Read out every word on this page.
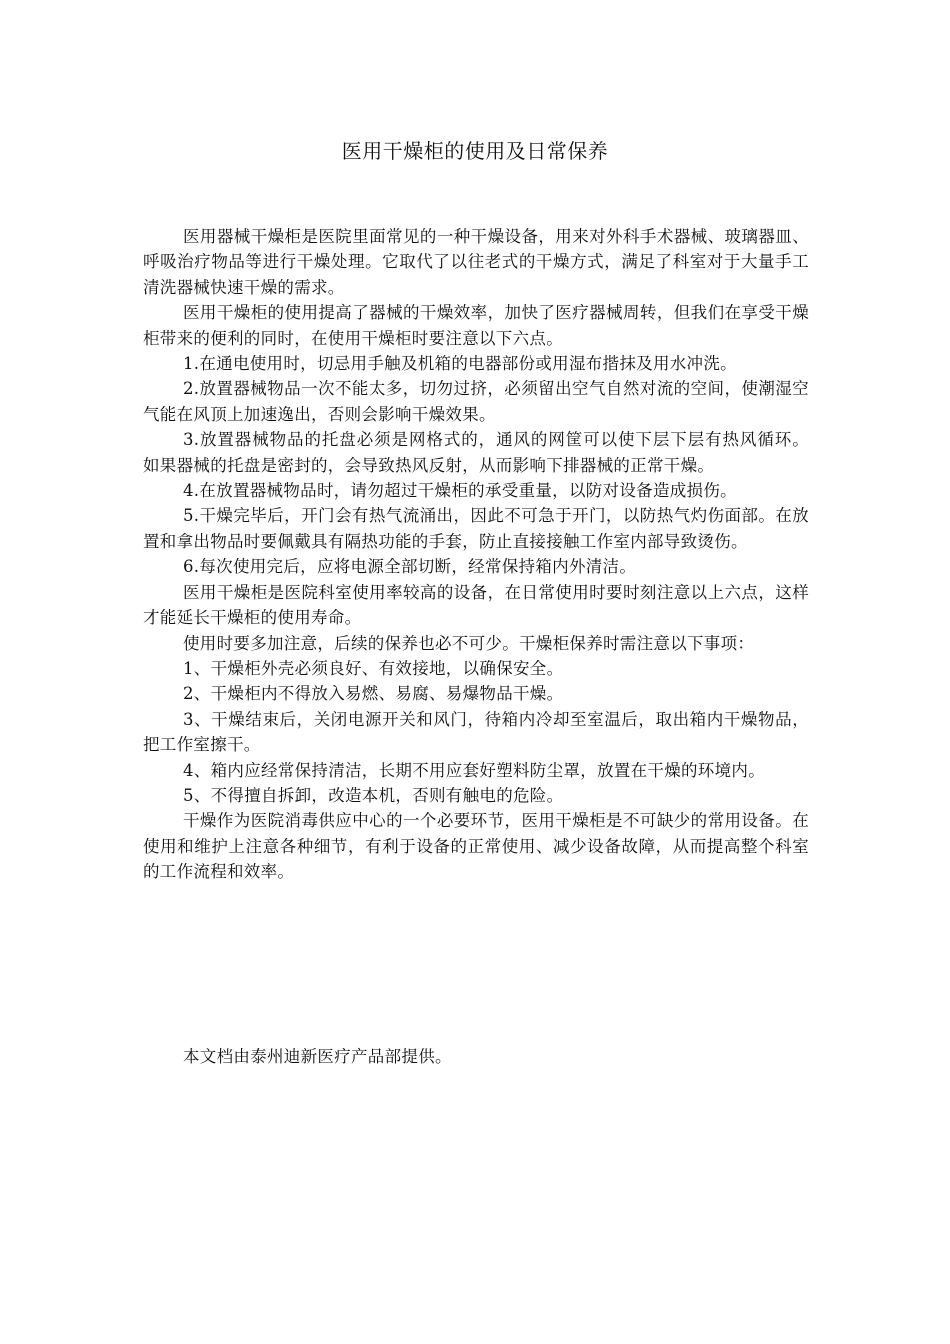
医用干燥柜的使用及日常保养

医用器械干燥柜是医院里面常见的一种干燥设备，用来对外科手术器械、玻璃器皿、呼吸治疗物品等进行干燥处理。它取代了以往老式的干燥方式，满足了科室对于大量手工清洗器械快速干燥的需求。

医用干燥柜的使用提高了器械的干燥效率，加快了医疗器械周转，但我们在享受干燥柜带来的便利的同时，在使用干燥柜时要注意以下六点。

1.在通电使用时，切忌用手触及机箱的电器部份或用湿布揩抹及用水冲洗。

2.放置器械物品一次不能太多，切勿过挤，必须留出空气自然对流的空间，使潮湿空气能在风顶上加速逸出，否则会影响干燥效果。

3.放置器械物品的托盘必须是网格式的，通风的网筐可以使下层下层有热风循环。 如果器械的托盘是密封的，会导致热风反射，从而影响下排器械的正常干燥。

4.在放置器械物品时，请勿超过干燥柜的承受重量，以防对设备造成损伤。

5.干燥完毕后，开门会有热气流涌出，因此不可急于开门，以防热气灼伤面部。在放置和拿出物品时要佩戴具有隔热功能的手套，防止直接接触工作室内部导致烫伤。

6.每次使用完后，应将电源全部切断，经常保持箱内外清洁。

医用干燥柜是医院科室使用率较高的设备，在日常使用时要时刻注意以上六点，这样才能延长干燥柜的使用寿命。

使用时要多加注意，后续的保养也必不可少。干燥柜保养时需注意以下事项：

1、干燥柜外壳必须良好、有效接地，以确保安全。

2、干燥柜内不得放入易燃、易腐、易爆物品干燥。

3、干燥结束后，关闭电源开关和风门，待箱内冷却至室温后，取出箱内干燥物品，把工作室擦干。

4、箱内应经常保持清洁，长期不用应套好塑料防尘罩，放置在干燥的环境内。

5、不得擅自拆卸，改造本机，否则有触电的危险。

干燥作为医院消毒供应中心的一个必要环节，医用干燥柜是不可缺少的常用设备。在使用和维护上注意各种细节，有利于设备的正常使用、减少设备故障，从而提高整个科室的工作流程和效率。

本文档由泰州迪新医疗产品部提供。
